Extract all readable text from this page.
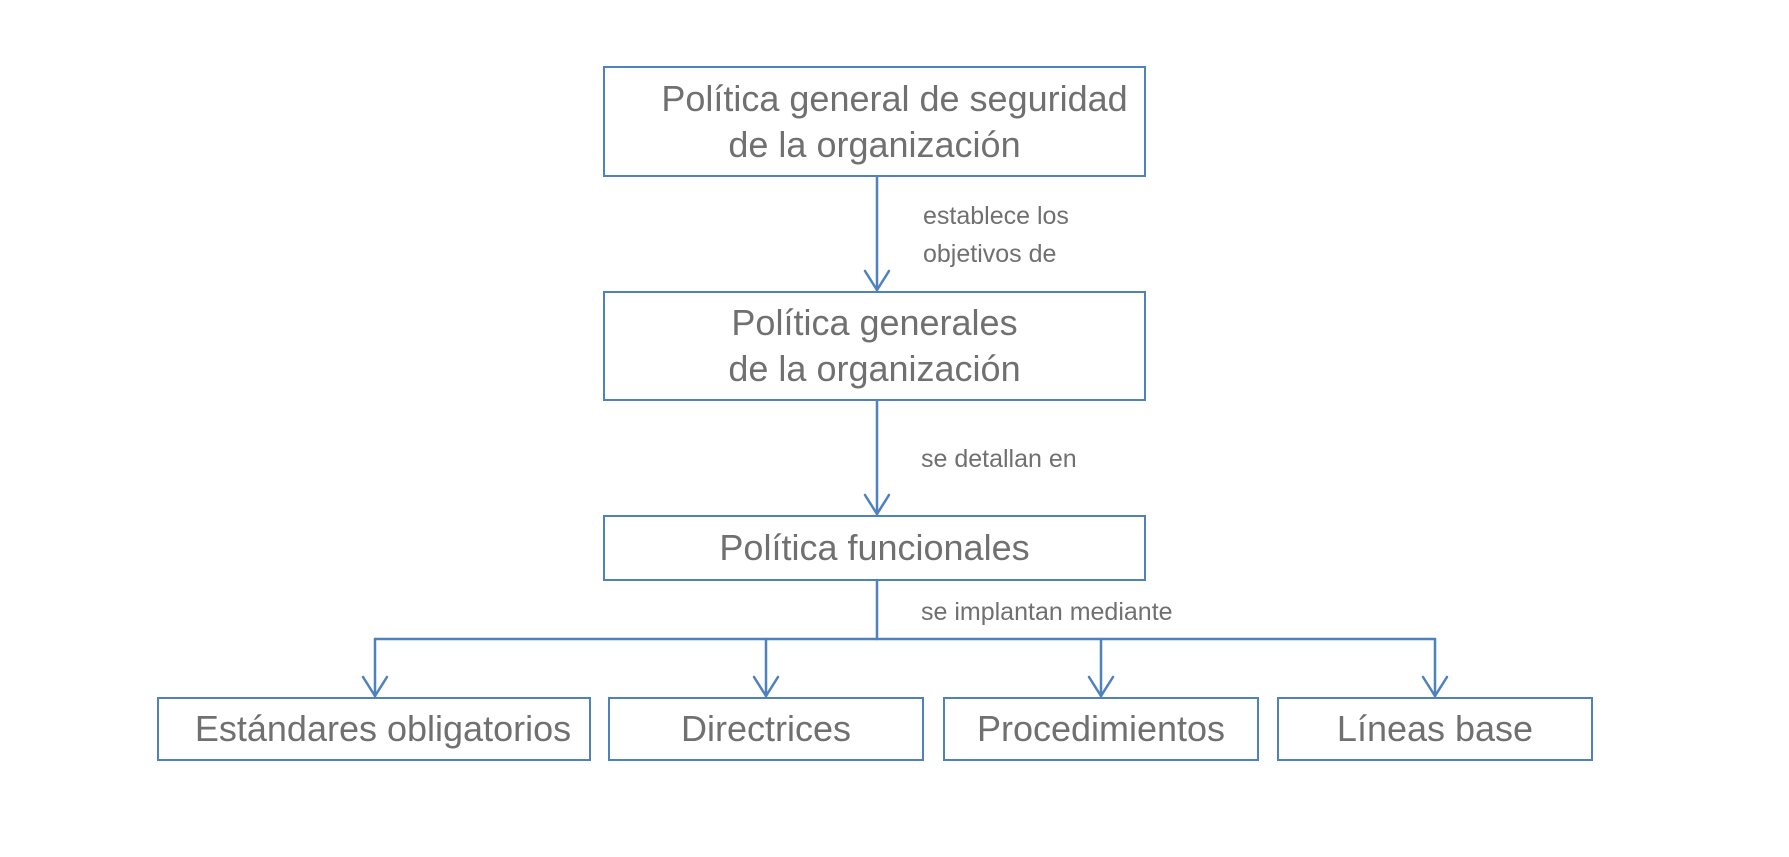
Política general de seguridad
de la organización
establece los
objetivos de
Política generales
de la organización
se detallan en
Política funcionales
se implantan mediante
Estándares obligatorios	Directrices	Procedimientos	Líneas base
